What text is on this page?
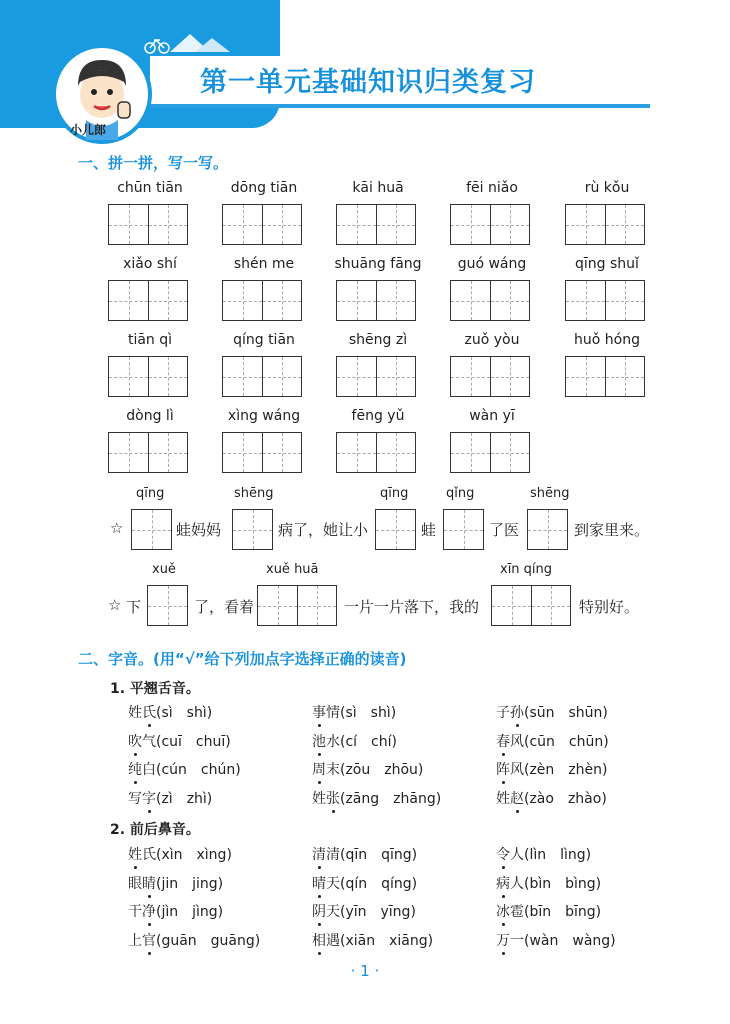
小儿郎
第一单元基础知识归类复习
一、拼一拼，写一写。
chūn tiān	dōng tiān	kāi huā	fēi niǎo	rù kǒu
xiǎo shí	shén me	shuāng fāng	guó wáng	qīng shuǐ
tiān qì	qíng tiān	shēng zì	zuǒ yòu	huǒ hóng
dòng lì	xìng wáng	fēng yǔ	wàn yī
qīng	shēng	qīng	qǐng	shēng
☆	蛙妈妈	病了，她让小	蛙	了医	到家里来。
xuě	xuě huā	xīn qíng
☆ 下	了，看着	一片一片落下，我的	特别好。
二、字音。(用“√”给下列加点字选择正确的读音)
1. 平翘舌音。
姓氏(sì　shì)	事情(sì　shì)	子孙(sūn　shūn)
吹气(cuī　chuī)	池水(cí　chí)	春风(cūn　chūn)
纯白(cún　chún)	周末(zōu　zhōu)	阵风(zèn　zhèn)
写字(zì　zhì)	姓张(zāng　zhāng)	姓赵(zào　zhào)
2. 前后鼻音。
姓氏(xìn　xìng)	清清(qīn　qīng)	令人(lìn　lìng)
眼睛(jin　jing)	晴天(qín　qíng)	病人(bìn　bìng)
干净(jìn　jìng)	阴天(yīn　yīng)	冰雹(bīn　bīng)
上官(guān　guāng)	相遇(xiān　xiāng)	万一(wàn　wàng)
· 1 ·
